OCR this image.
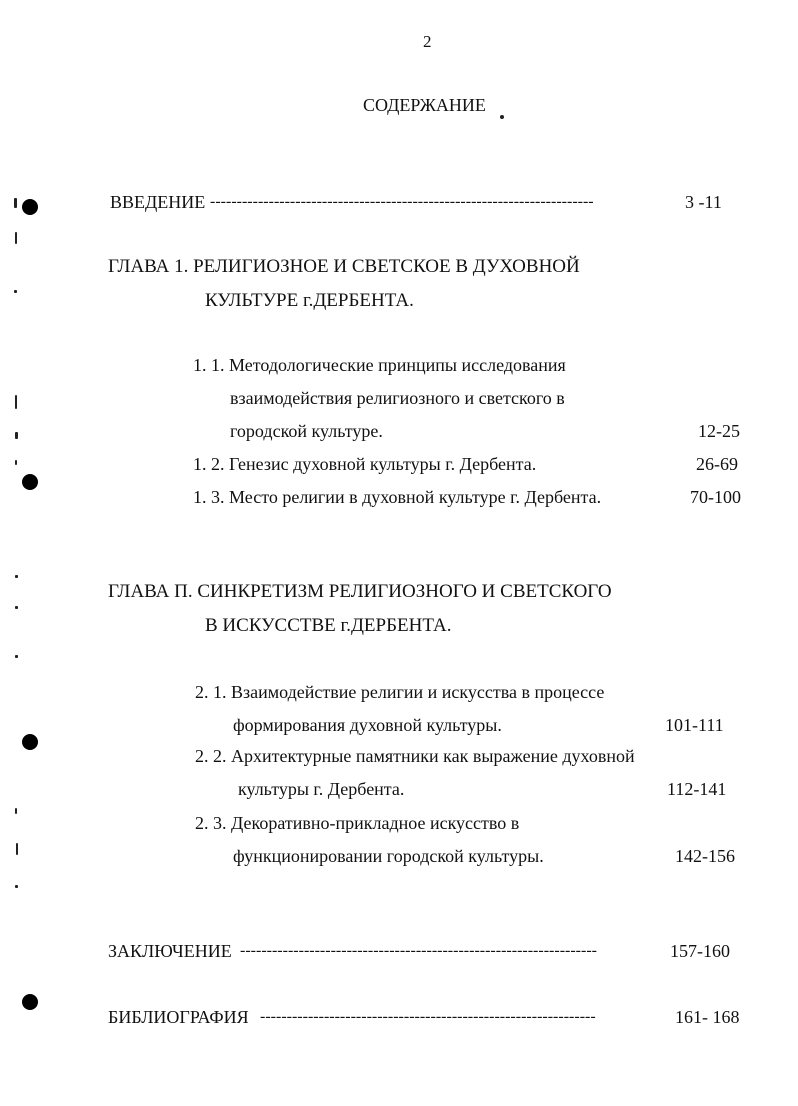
2
СОДЕРЖАНИЕ
ВВЕДЕНИЕ ------------------------------------------------------------------------	3 -11
ГЛАВА 1. РЕЛИГИОЗНОЕ И СВЕТСКОЕ В ДУХОВНОЙ
КУЛЬТУРЕ г.ДЕРБЕНТА.
1. 1. Методологические принципы исследования
взаимодействия религиозного и светского в
городской культуре.	12-25
1. 2. Генезис духовной культуры г. Дербента.	26-69
1. 3. Место религии в духовной культуре г. Дербента.	70-100
ГЛАВА П. СИНКРЕТИЗМ РЕЛИГИОЗНОГО И СВЕТСКОГО
В ИСКУССТВЕ г.ДЕРБЕНТА.
2. 1. Взаимодействие религии и искусства в процессе
формирования духовной культуры.	101-111
2. 2. Архитектурные памятники как выражение духовной
культуры г. Дербента.	112-141
2. 3. Декоративно-прикладное искусство в
функционировании городской культуры.	142-156
ЗАКЛЮЧЕНИЕ -------------------------------------------------------------------	157-160
БИБЛИОГРАФИЯ ---------------------------------------------------------------	161- 168
